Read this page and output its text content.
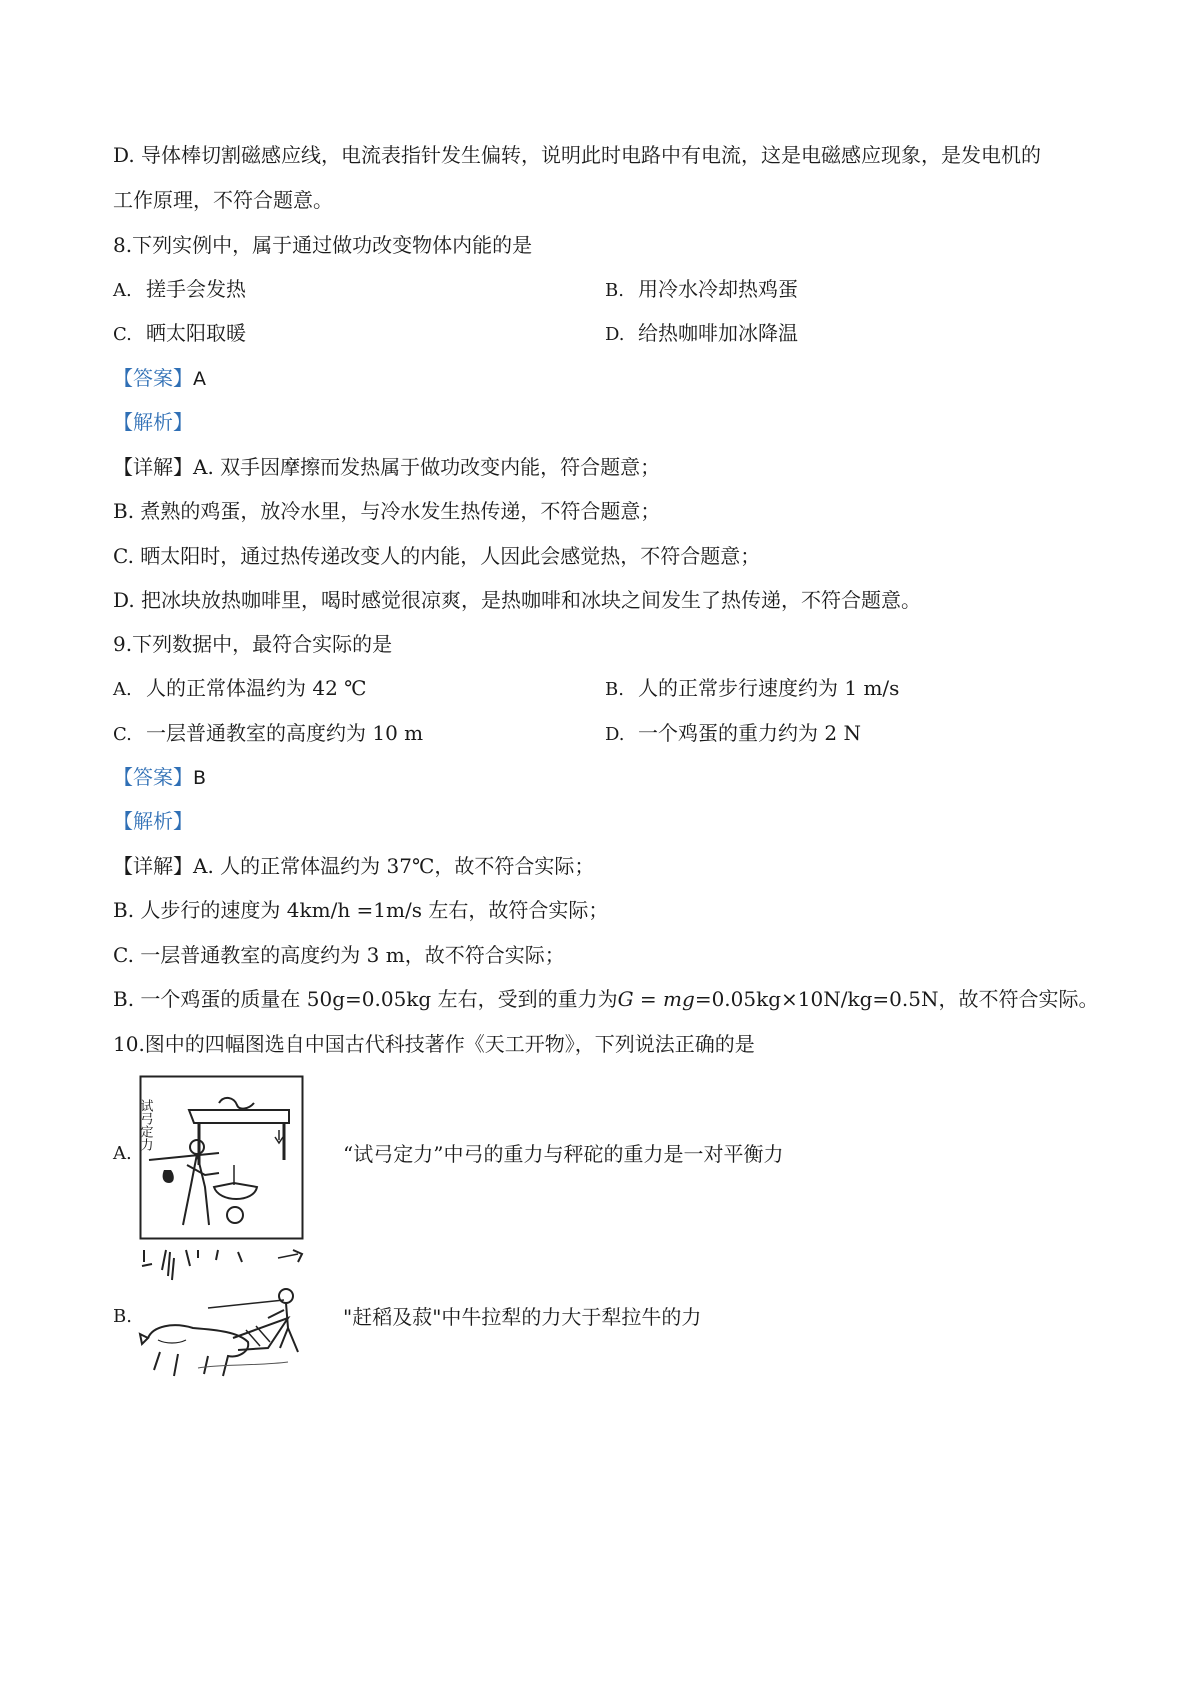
D. 导体棒切割磁感应线，电流表指针发生偏转，说明此时电路中有电流，这是电磁感应现象，是发电机的
工作原理，不符合题意。
8.下列实例中，属于通过做功改变物体内能的是
A. 搓手会发热	B. 用冷水冷却热鸡蛋
C. 晒太阳取暖	D. 给热咖啡加冰降温
【答案】A
【解析】
【详解】A. 双手因摩擦而发热属于做功改变内能，符合题意；
B. 煮熟的鸡蛋，放冷水里，与冷水发生热传递，不符合题意；
C. 晒太阳时，通过热传递改变人的内能，人因此会感觉热，不符合题意；
D. 把冰块放热咖啡里，喝时感觉很凉爽，是热咖啡和冰块之间发生了热传递，不符合题意。
9.下列数据中，最符合实际的是
A. 人的正常体温约为 42 ℃	B. 人的正常步行速度约为 1 m/s
C. 一层普通教室的高度约为 10 m	D. 一个鸡蛋的重力约为 2 N
【答案】B
【解析】
【详解】A. 人的正常体温约为 37℃，故不符合实际；
B. 人步行的速度为 4km/h =1m/s 左右，故符合实际；
C. 一层普通教室的高度约为 3 m，故不符合实际；
B. 一个鸡蛋的质量在 50g=0.05kg 左右，受到的重力为G = mg=0.05kg×10N/kg=0.5N，故不符合实际。
10.图中的四幅图选自中国古代科技著作《天工开物》，下列说法正确的是
A.
试弓定力
“试弓定力”中弓的重力与秤砣的重力是一对平衡力
B.	"赶稻及菽"中牛拉犁的力大于犁拉牛的力
